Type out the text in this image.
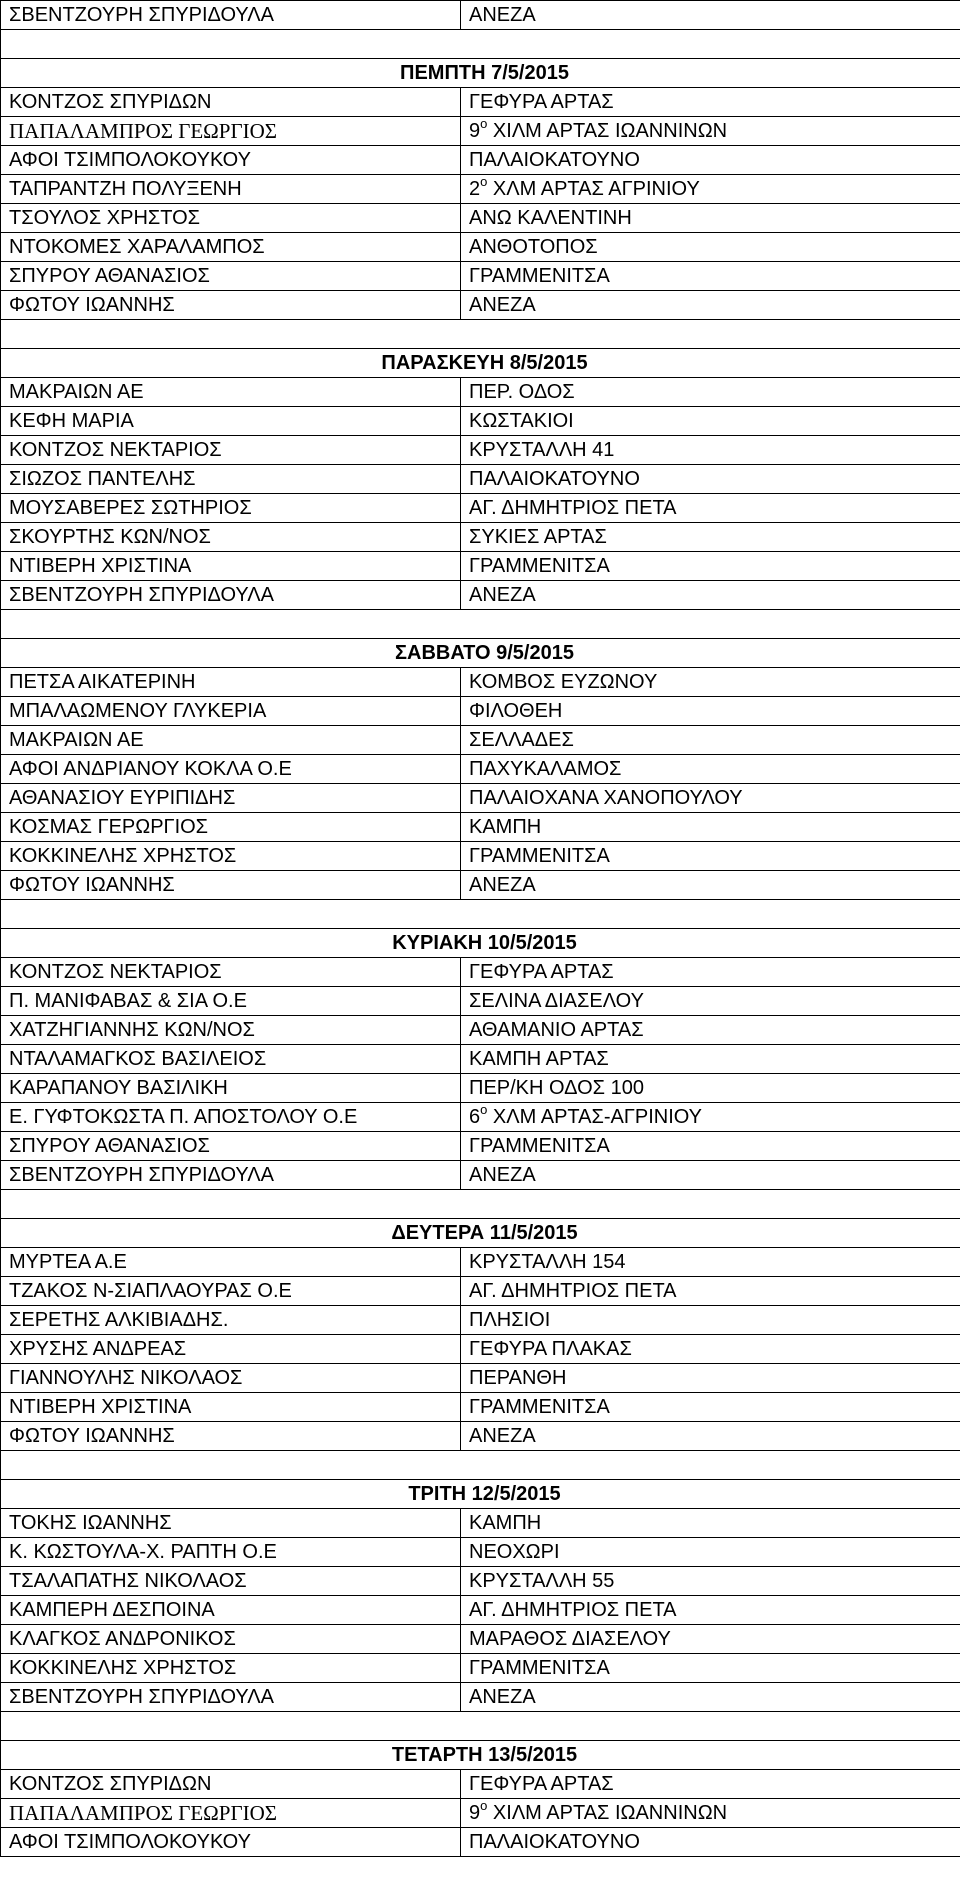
ΣΒΕΝΤΖΟΥΡΗ ΣΠΥΡΙΔΟΥΛΑ	ΑΝΕΖΑ

ΠΕΜΠΤΗ 7/5/2015	
ΚΟΝΤΖΟΣ ΣΠΥΡΙΔΩΝ	ΓΕΦΥΡΑ ΑΡΤΑΣ
ΠΑΠΑΛΑΜΠΡΟΣ ΓΕΩΡΓΙΟΣ	$9^o$ ΧΙΛΜ ΑΡΤΑΣ ΙΩΑΝΝΙΝΩΝ
ΑΦΟΙ ΤΣΙΜΠΟΛΟΚΟΥΚΟΥ	ΠΑΛΑΙΟΚΑΤΟΥΝΟ
ΤΑΠΡΑΝΤΖΗ ΠΟΛΥΞΕΝΗ	$2^o$ ΧΛΜ ΑΡΤΑΣ ΑΓΡΙΝΙΟΥ
ΤΣΟΥΛΟΣ ΧΡΗΣΤΟΣ	ΑΝΩ ΚΑΛΕΝΤΙΝΗ
ΝΤΟΚΟΜΕΣ ΧΑΡΑΛΑΜΠΟΣ	ΑΝΘΟΤΟΠΟΣ
ΣΠΥΡΟΥ ΑΘΑΝΑΣΙΟΣ	ΓΡΑΜΜΕΝΙΤΣΑ
ΦΩΤΟΥ ΙΩΑΝΝΗΣ	ΑΝΕΖΑ

ΠΑΡΑΣΚΕΥΗ 8/5/2015	
ΜΑΚΡΑΙΩΝ ΑΕ	ΠΕΡ. ΟΔΟΣ
ΚΕΦΗ ΜΑΡΙΑ	ΚΩΣΤΑΚΙΟΙ
ΚΟΝΤΖΟΣ ΝΕΚΤΑΡΙΟΣ	ΚΡΥΣΤΑΛΛΗ 41
ΣΙΩΖΟΣ ΠΑΝΤΕΛΗΣ	ΠΑΛΑΙΟΚΑΤΟΥΝΟ
ΜΟΥΣΑΒΕΡΕΣ ΣΩΤΗΡΙΟΣ	ΑΓ. ΔΗΜΗΤΡΙΟΣ ΠΕΤΑ
ΣΚΟΥΡΤΗΣ ΚΩΝ/ΝΟΣ	ΣΥΚΙΕΣ ΑΡΤΑΣ
ΝΤΙΒΕΡΗ ΧΡΙΣΤΙΝΑ	ΓΡΑΜΜΕΝΙΤΣΑ
ΣΒΕΝΤΖΟΥΡΗ ΣΠΥΡΙΔΟΥΛΑ	ΑΝΕΖΑ

ΣΑΒΒΑΤΟ 9/5/2015	
ΠΕΤΣΑ ΑΙΚΑΤΕΡΙΝΗ	ΚΟΜΒΟΣ ΕΥΖΩΝΟΥ
ΜΠΑΛΑΩΜΕΝΟΥ ΓΛΥΚΕΡΙΑ	ΦΙΛΟΘΕΗ
ΜΑΚΡΑΙΩΝ ΑΕ	ΣΕΛΛΑΔΕΣ
ΑΦΟΙ ΑΝΔΡΙΑΝΟΥ ΚΟΚΛΑ Ο.Ε	ΠΑΧΥΚΑΛΑΜΟΣ
ΑΘΑΝΑΣΙΟΥ ΕΥΡΙΠΙΔΗΣ	ΠΑΛΑΙΟΧΑΝΑ ΧΑΝΟΠΟΥΛΟΥ
ΚΟΣΜΑΣ ΓΕΡΩΡΓΙΟΣ	ΚΑΜΠΗ
ΚΟΚΚΙΝΕΛΗΣ ΧΡΗΣΤΟΣ	ΓΡΑΜΜΕΝΙΤΣΑ
ΦΩΤΟΥ ΙΩΑΝΝΗΣ	ΑΝΕΖΑ

ΚΥΡΙΑΚΗ 10/5/2015	
ΚΟΝΤΖΟΣ ΝΕΚΤΑΡΙΟΣ	ΓΕΦΥΡΑ ΑΡΤΑΣ
Π. ΜΑΝΙΦΑΒΑΣ & ΣΙΑ Ο.Ε	ΣΕΛΙΝΑ ΔΙΑΣΕΛΟΥ
ΧΑΤΖΗΓΙΑΝΝΗΣ ΚΩΝ/ΝΟΣ	ΑΘΑΜΑΝΙΟ ΑΡΤΑΣ
ΝΤΑΛΑΜΑΓΚΟΣ ΒΑΣΙΛΕΙΟΣ	ΚΑΜΠΗ ΑΡΤΑΣ
ΚΑΡΑΠΑΝΟΥ ΒΑΣΙΛΙΚΗ	ΠΕΡ/ΚΗ ΟΔΟΣ 100
Ε. ΓΥΦΤΟΚΩΣΤΑ Π. ΑΠΟΣΤΟΛΟΥ Ο.Ε	$6^o$ ΧΛΜ ΑΡΤΑΣ-ΑΓΡΙΝΙΟΥ
ΣΠΥΡΟΥ ΑΘΑΝΑΣΙΟΣ	ΓΡΑΜΜΕΝΙΤΣΑ
ΣΒΕΝΤΖΟΥΡΗ ΣΠΥΡΙΔΟΥΛΑ	ΑΝΕΖΑ

ΔΕΥΤΕΡΑ 11/5/2015	
ΜΥΡΤΕΑ Α.Ε	ΚΡΥΣΤΑΛΛΗ 154
ΤΖΑΚΟΣ Ν-ΣΙΑΠΛΑΟΥΡΑΣ Ο.Ε	ΑΓ. ΔΗΜΗΤΡΙΟΣ ΠΕΤΑ
ΣΕΡΕΤΗΣ ΑΛΚΙΒΙΑΔΗΣ.	ΠΛΗΣΙΟΙ
ΧΡΥΣΗΣ ΑΝΔΡΕΑΣ	ΓΕΦΥΡΑ ΠΛΑΚΑΣ
ΓΙΑΝΝΟΥΛΗΣ ΝΙΚΟΛΑΟΣ	ΠΕΡΑΝΘΗ
ΝΤΙΒΕΡΗ ΧΡΙΣΤΙΝΑ	ΓΡΑΜΜΕΝΙΤΣΑ
ΦΩΤΟΥ ΙΩΑΝΝΗΣ	ΑΝΕΖΑ

ΤΡΙΤΗ 12/5/2015	
ΤΟΚΗΣ ΙΩΑΝΝΗΣ	ΚΑΜΠΗ
Κ. ΚΩΣΤΟΥΛΑ-Χ. ΡΑΠΤΗ Ο.Ε	ΝΕΟΧΩΡΙ
ΤΣΑΛΑΠΑΤΗΣ ΝΙΚΟΛΑΟΣ	ΚΡΥΣΤΑΛΛΗ 55
ΚΑΜΠΕΡΗ ΔΕΣΠΟΙΝΑ	ΑΓ. ΔΗΜΗΤΡΙΟΣ ΠΕΤΑ
ΚΛΑΓΚΟΣ ΑΝΔΡΟΝΙΚΟΣ	ΜΑΡΑΘΟΣ ΔΙΑΣΕΛΟΥ
ΚΟΚΚΙΝΕΛΗΣ ΧΡΗΣΤΟΣ	ΓΡΑΜΜΕΝΙΤΣΑ
ΣΒΕΝΤΖΟΥΡΗ ΣΠΥΡΙΔΟΥΛΑ	ΑΝΕΖΑ

ΤΕΤΑΡΤΗ 13/5/2015	
ΚΟΝΤΖΟΣ ΣΠΥΡΙΔΩΝ	ΓΕΦΥΡΑ ΑΡΤΑΣ
ΠΑΠΑΛΑΜΠΡΟΣ ΓΕΩΡΓΙΟΣ	$9^o$ ΧΙΛΜ ΑΡΤΑΣ ΙΩΑΝΝΙΝΩΝ
ΑΦΟΙ ΤΣΙΜΠΟΛΟΚΟΥΚΟΥ	ΠΑΛΑΙΟΚΑΤΟΥΝΟ
